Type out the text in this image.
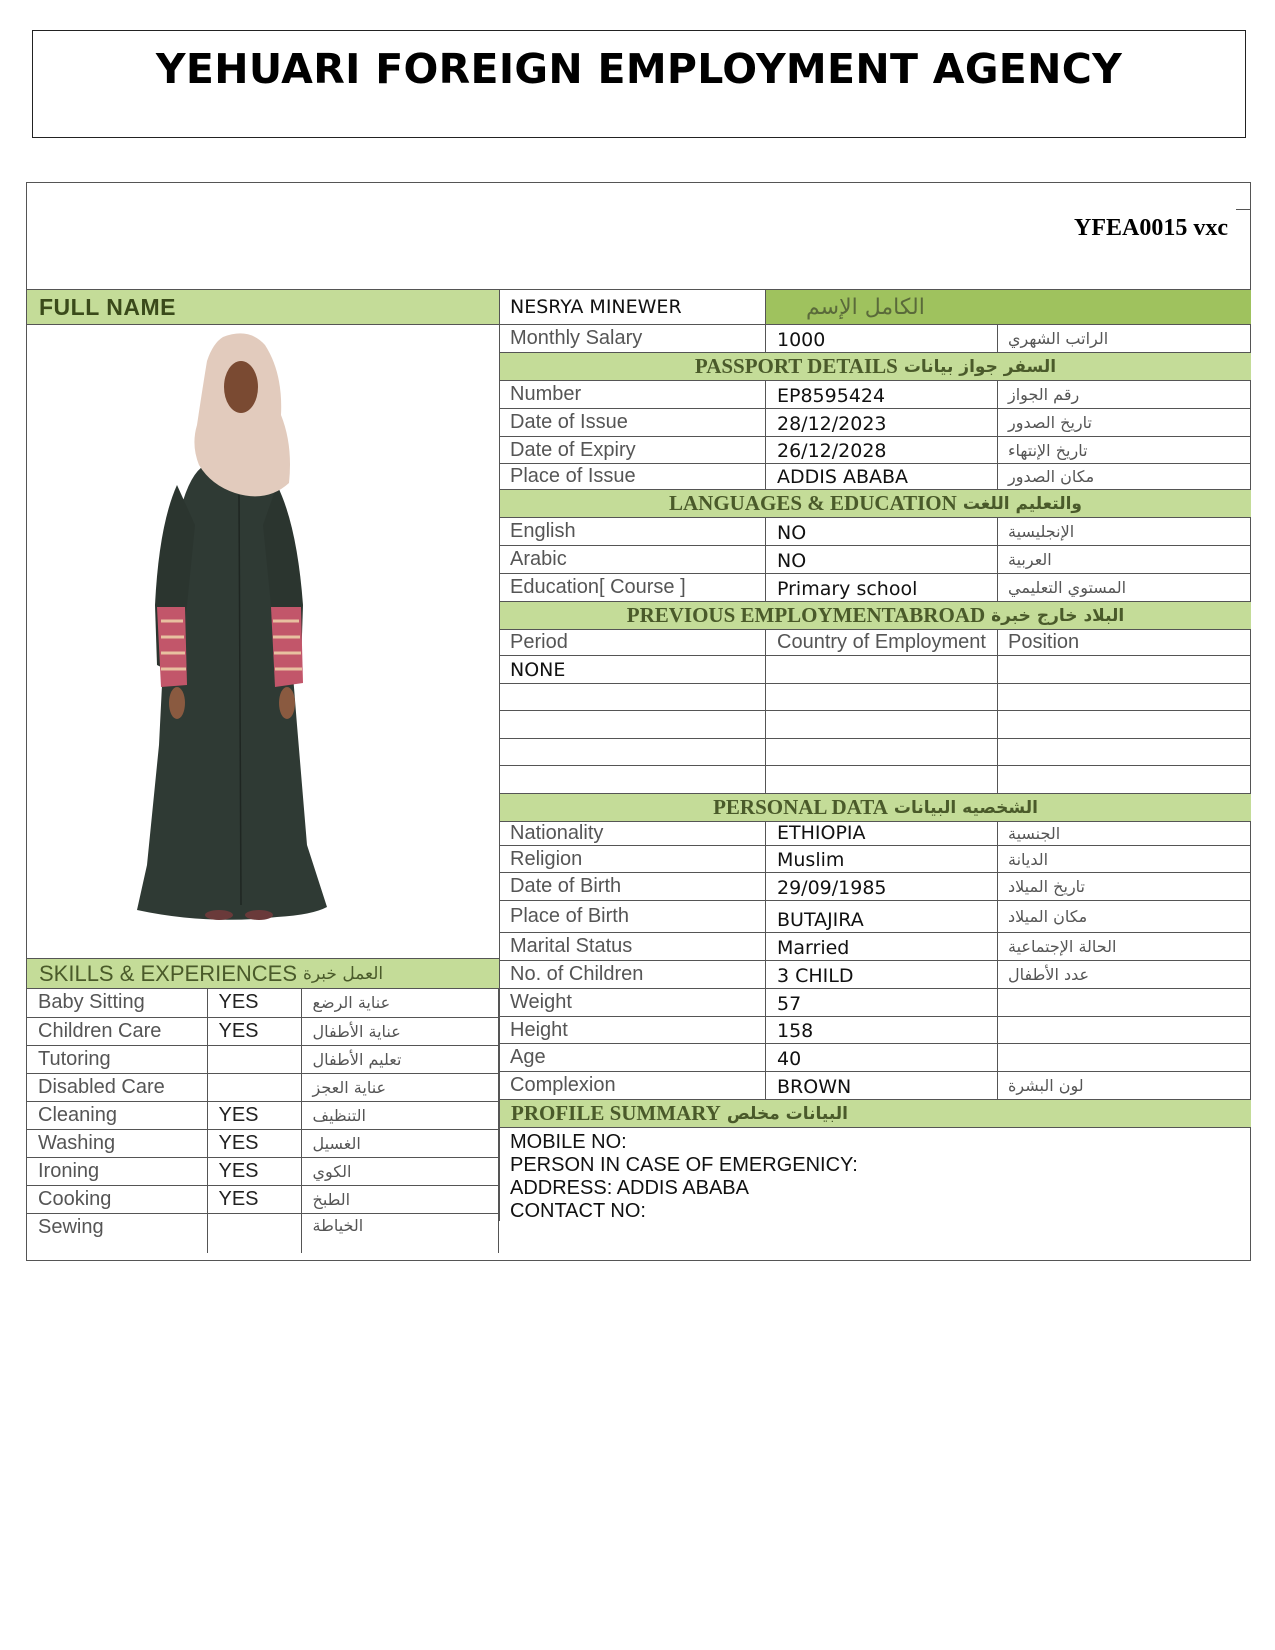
YEHUARI FOREIGN EMPLOYMENT AGENCY
YFEA0015 vxc
FULL NAME
SKILLS & EXPERIENCES العمل خبرة
Baby Sitting	YES	عناية الرضع
Children Care	YES	عناية الأطفال
Tutoring		تعليم الأطفال
Disabled Care		عناية العجز
Cleaning	YES	التنظيف
Washing	YES	الغسيل
Ironing	YES	الكوي
Cooking	YES	الطبخ
Sewing		الخياطة
NESRYA MINEWER	الكامل الإسم
Monthly Salary	1000	الراتب الشهري
PASSPORT DETAILS السفر جواز بيانات
Number	EP8595424	رقم الجواز
Date of Issue	28/12/2023	تاريخ الصدور
Date of Expiry	26/12/2028	تاريخ الإنتهاء
Place of Issue	ADDIS ABABA	مكان الصدور
LANGUAGES & EDUCATION والتعليم اللغت
English	NO	الإنجليسية
Arabic	NO	العربية
Education[ Course ]	Primary school	المستوي التعليمي
PREVIOUS EMPLOYMENTABROAD البلاد خارج خبرة
Period	Country of Employment	Position
NONE
PERSONAL DATA الشخصيه البيانات
Nationality	ETHIOPIA	الجنسية
Religion	Muslim	الديانة
Date of Birth	29/09/1985	تاريخ الميلاد
Place of Birth	BUTAJIRA	مكان الميلاد
Marital Status	Married	الحالة الإجتماعية
No. of Children	3 CHILD	عدد الأطفال
Weight	57
Height	158
Age	40
Complexion	BROWN	لون البشرة
PROFILE SUMMARY البيانات مخلص
MOBILE NO:
PERSON IN CASE OF EMERGENICY:
ADDRESS: ADDIS ABABA
CONTACT NO:
